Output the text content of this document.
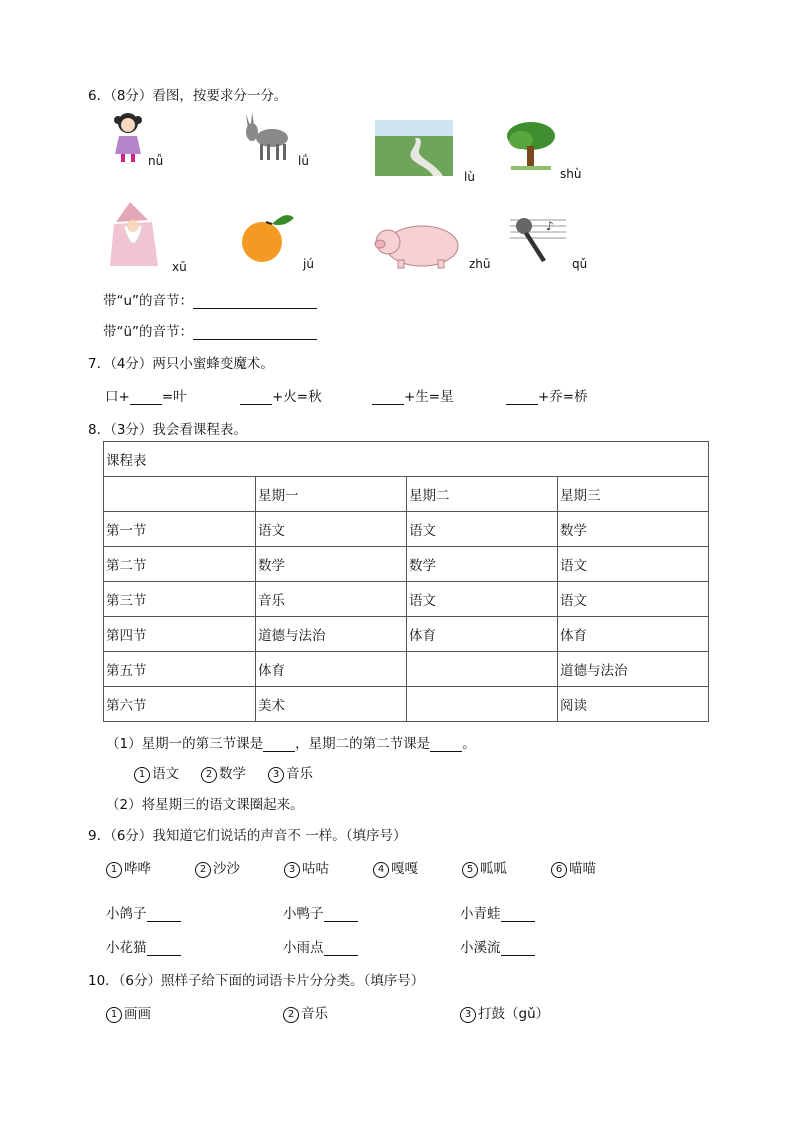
6．（8分）看图，按要求分一分。
nǚ	lǘ
lù	shù
xū	jú	zhū
♪
qǔ
带“u”的音节：
带“ü”的音节：
7．（4分）两只小蜜蜂变魔术。
口+ =叶	+火=秋	+生=星	+乔=桥
8．（3分）我会看课程表。
课程表			
	星期一	星期二	星期三
第一节	语文	语文	数学
第二节	数学	数学	语文
第三节	音乐	语文	语文
第四节	道德与法治	体育	体育
第五节	体育		道德与法治
第六节	美术		阅读
（1）星期一的第三节课是 ，星期二的第二节课是 。
1 语文	2 数学	3 音乐
（2）将星期三的语文课圈起来。
9．（6分）我知道它们说话的声音不 一样。（填序号）
1 哗哗	2 沙沙	3 咕咕	4 嘎嘎	5 呱呱	6 喵喵
小鸽子	小鸭子	小青蛙
小花猫	小雨点	小溪流
10．（6分）照样子给下面的词语卡片分分类。（填序号）
1 画画	2 音乐	3 打鼓（gǔ）
